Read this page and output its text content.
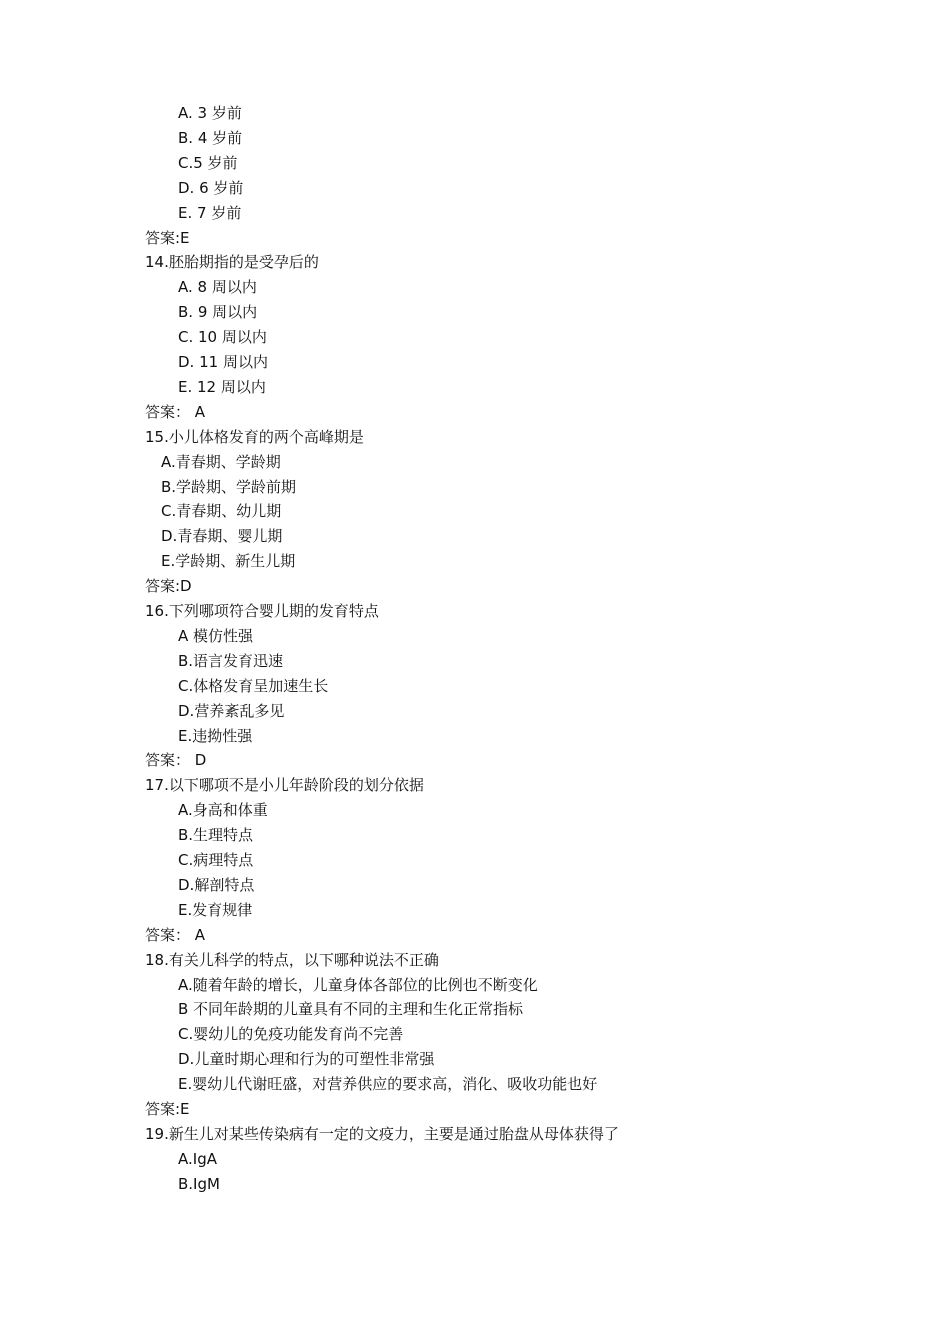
A. 3 岁前
B. 4 岁前
C.5 岁前
D. 6 岁前
E. 7 岁前
答案:E
14.胚胎期指的是受孕后的
A. 8 周以内
B. 9 周以内
C. 10 周以内
D. 11 周以内
E. 12 周以内
答案： A
15.小儿体格发育的两个高峰期是
A.青春期、学龄期
B.学龄期、学龄前期
C.青春期、幼儿期
D.青春期、婴儿期
E.学龄期、新生儿期
答案:D
16.下列哪项符合婴儿期的发育特点
A 模仿性强
B.语言发育迅速
C.体格发育呈加速生长
D.营养紊乱多见
E.违拗性强
答案： D
17.以下哪项不是小儿年龄阶段的划分依据
A.身高和体重
B.生理特点
C.病理特点
D.解剖特点
E.发育规律
答案： A
18.有关儿科学的特点，以下哪种说法不正确
A.随着年龄的增长，儿童身体各部位的比例也不断变化
B 不同年龄期的儿童具有不同的主理和生化正常指标
C.婴幼儿的免疫功能发育尚不完善
D.儿童时期心理和行为的可塑性非常强
E.婴幼儿代谢旺盛，对营养供应的要求高，消化、吸收功能也好
答案:E
19.新生儿对某些传染病有一定的文疫力，主要是通过胎盘从母体获得了
A.IgA
B.IgM
